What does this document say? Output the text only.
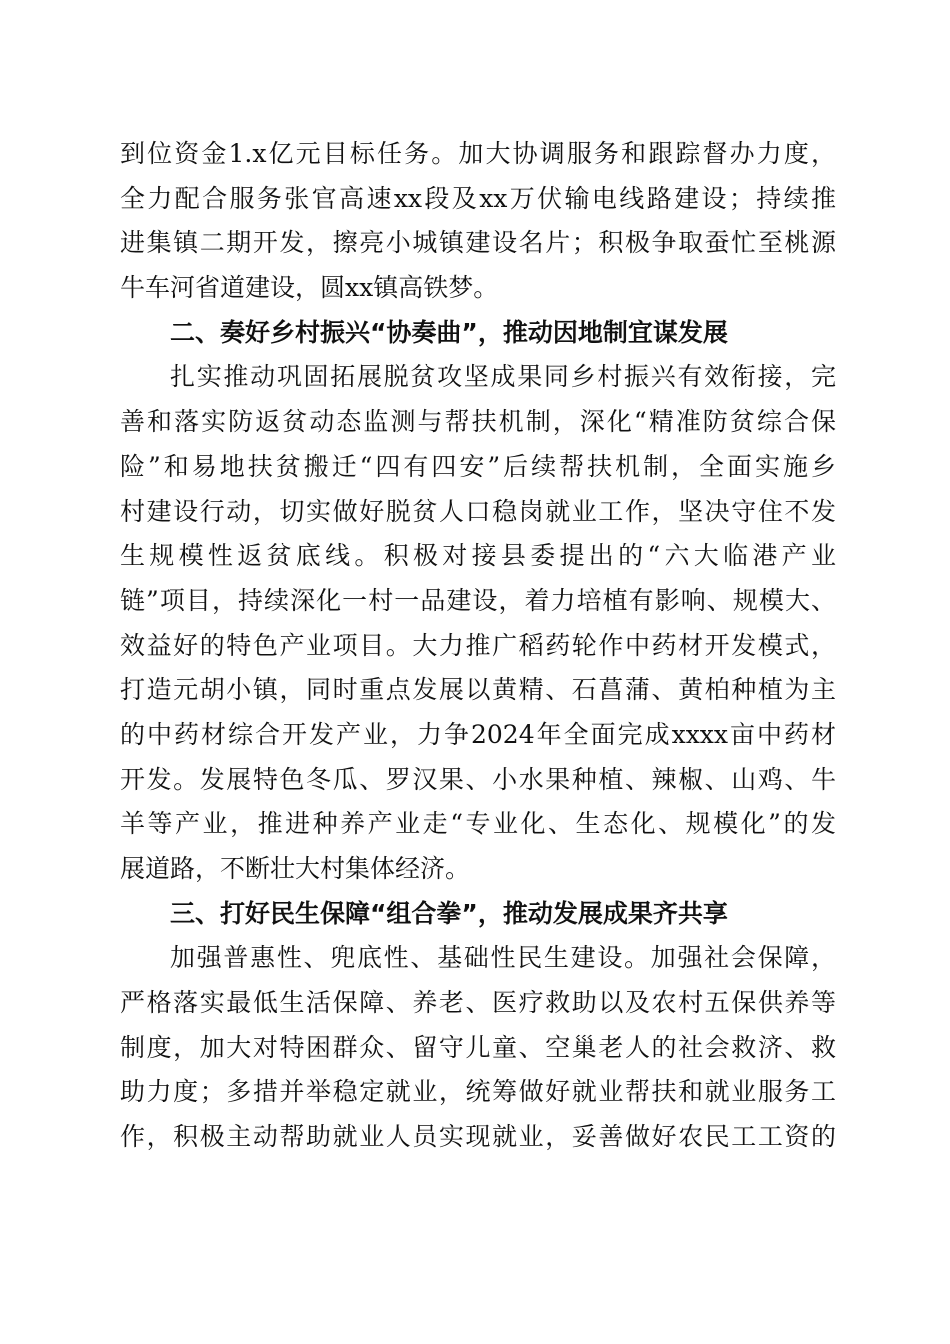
到位资金1.x亿元目标任务。加大协调服务和跟踪督办力度，
全力配合服务张官高速xx段及xx万伏输电线路建设；持续推
进集镇二期开发，擦亮小城镇建设名片；积极争取蚕忙至桃源
牛车河省道建设，圆xx镇高铁梦。
二、奏好乡村振兴“协奏曲”，推动因地制宜谋发展
扎实推动巩固拓展脱贫攻坚成果同乡村振兴有效衔接，完
善和落实防返贫动态监测与帮扶机制，深化“精准防贫综合保
险”和易地扶贫搬迁“四有四安”后续帮扶机制，全面实施乡
村建设行动，切实做好脱贫人口稳岗就业工作，坚决守住不发
生规模性返贫底线。积极对接县委提出的“六大临港产业
链”项目，持续深化一村一品建设，着力培植有影响、规模大、
效益好的特色产业项目。大力推广稻药轮作中药材开发模式，
打造元胡小镇，同时重点发展以黄精、石菖蒲、黄柏种植为主
的中药材综合开发产业，力争2024年全面完成xxxx亩中药材
开发。发展特色冬瓜、罗汉果、小水果种植、辣椒、山鸡、牛
羊等产业，推进种养产业走“专业化、生态化、规模化”的发
展道路，不断壮大村集体经济。
三、打好民生保障“组合拳”，推动发展成果齐共享
加强普惠性、兜底性、基础性民生建设。加强社会保障，
严格落实最低生活保障、养老、医疗救助以及农村五保供养等
制度，加大对特困群众、留守儿童、空巢老人的社会救济、救
助力度；多措并举稳定就业，统筹做好就业帮扶和就业服务工
作，积极主动帮助就业人员实现就业，妥善做好农民工工资的
